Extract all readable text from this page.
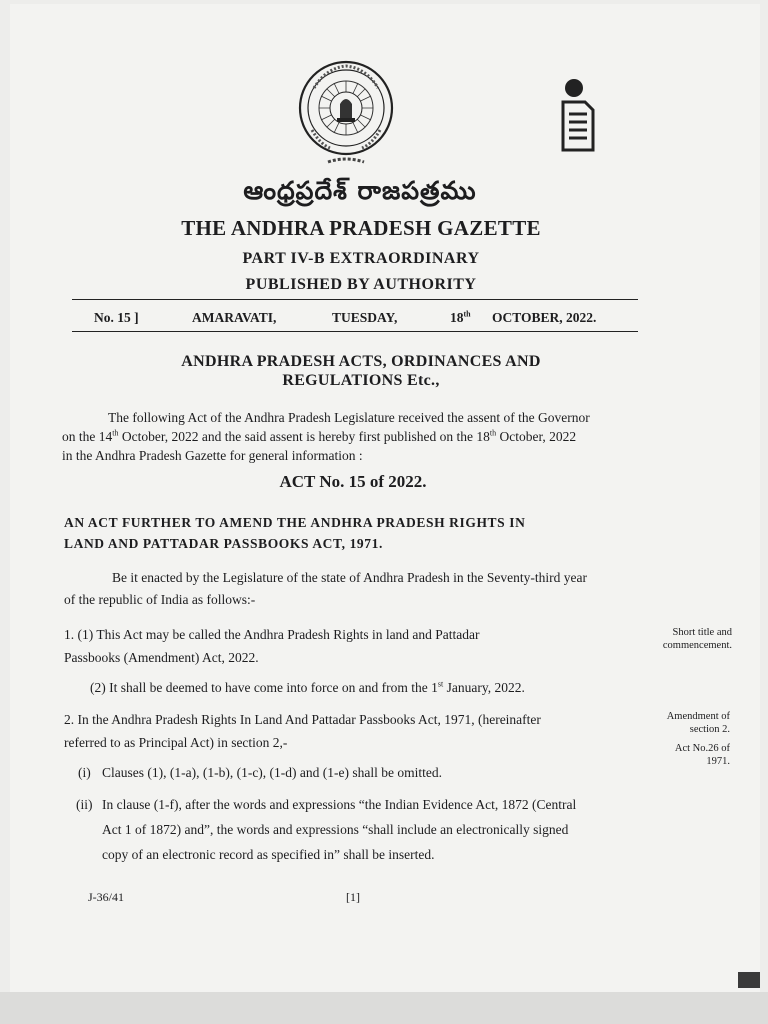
ఆంధ్రప్రదేశ్ రాజపత్రము
THE ANDHRA PRADESH GAZETTE
PART IV-B EXTRAORDINARY
PUBLISHED BY AUTHORITY
No. 15 ]	AMARAVATI,	TUESDAY,	18th OCTOBER, 2022.
ANDHRA PRADESH ACTS, ORDINANCES AND
REGULATIONS Etc.,
The following Act of the Andhra Pradesh Legislature received the assent of the Governor
on the 14th October, 2022 and the said assent is hereby first published on the 18th October, 2022
in the Andhra Pradesh Gazette for general information :
ACT No. 15 of 2022.
AN ACT FURTHER TO AMEND THE ANDHRA PRADESH RIGHTS IN
LAND AND PATTADAR PASSBOOKS ACT, 1971.
Be it enacted by the Legislature of the state of Andhra Pradesh in the Seventy-third year
of the republic of India as follows:-
1. (1) This Act may be called the Andhra Pradesh Rights in land and Pattadar
Passbooks (Amendment) Act, 2022.
(2) It shall be deemed to have come into force on and from the 1st January, 2022.
2. In the Andhra Pradesh Rights In Land And Pattadar Passbooks Act, 1971, (hereinafter
referred to as Principal Act) in section 2,-
(i) Clauses (1), (1-a), (1-b), (1-c), (1-d) and (1-e) shall be omitted.
(ii) In clause (1-f), after the words and expressions “the Indian Evidence Act, 1872 (Central
Act 1 of 1872) and”, the words and expressions “shall include an electronically signed
copy of an electronic record as specified in” shall be inserted.
Short title and
commencement.
Amendment of
section 2.
Act No.26 of
1971.
J-36/41	[1]
